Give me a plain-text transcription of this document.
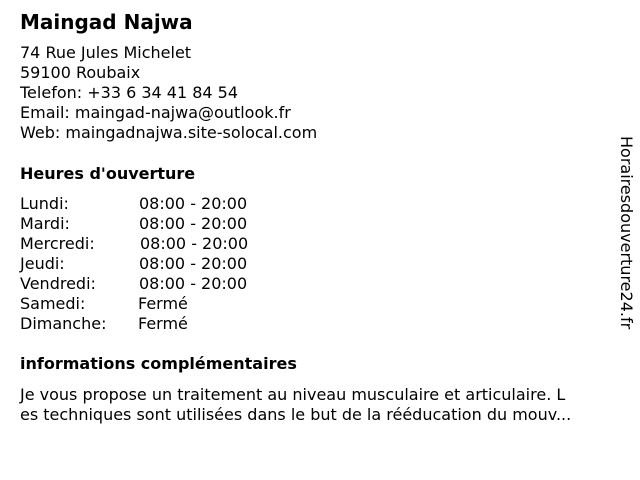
Maingad Najwa
74 Rue Jules Michelet
59100 Roubaix
Telefon: +33 6 34 41 84 54
Email: maingad-najwa@outlook.fr
Web: maingadnajwa.site-solocal.com
Heures d'ouverture
Lundi:	08:00 - 20:00
Mardi:	08:00 - 20:00
Mercredi:	08:00 - 20:00
Jeudi:	08:00 - 20:00
Vendredi:	08:00 - 20:00
Samedi:	Fermé
Dimanche: Fermé
informations complémentaires
Je vous propose un traitement au niveau musculaire et articulaire. L
es techniques sont utilisées dans le but de la rééducation du mouv...
Horairesdouverture24.fr
